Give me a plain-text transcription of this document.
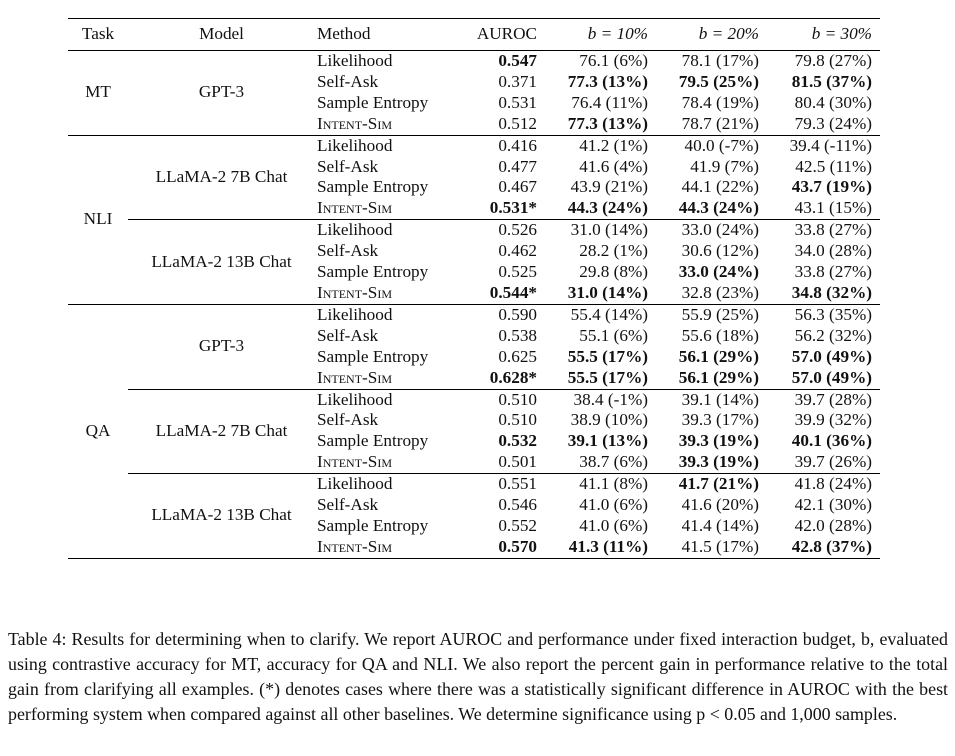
Task	Model	Method	AUROC	b = 10%	b = 20%	b = 30%
MT	GPT-3	Likelihood	0.547	76.1 (6%)	78.1 (17%)	79.8 (27%)
		Self-Ask	0.371	77.3 (13%)	79.5 (25%)	81.5 (37%)
		Sample Entropy	0.531	76.4 (11%)	78.4 (19%)	80.4 (30%)
		Intent-Sim	0.512	77.3 (13%)	78.7 (21%)	79.3 (24%)
NLI	LLaMA-2 7B Chat	Likelihood	0.416	41.2 (1%)	40.0 (-7%)	39.4 (-11%)
		Self-Ask	0.477	41.6 (4%)	41.9 (7%)	42.5 (11%)
		Sample Entropy	0.467	43.9 (21%)	44.1 (22%)	43.7 (19%)
		Intent-Sim	0.531*	44.3 (24%)	44.3 (24%)	43.1 (15%)
	LLaMA-2 13B Chat	Likelihood	0.526	31.0 (14%)	33.0 (24%)	33.8 (27%)
		Self-Ask	0.462	28.2 (1%)	30.6 (12%)	34.0 (28%)
		Sample Entropy	0.525	29.8 (8%)	33.0 (24%)	33.8 (27%)
		Intent-Sim	0.544*	31.0 (14%)	32.8 (23%)	34.8 (32%)
QA	GPT-3	Likelihood	0.590	55.4 (14%)	55.9 (25%)	56.3 (35%)
		Self-Ask	0.538	55.1 (6%)	55.6 (18%)	56.2 (32%)
		Sample Entropy	0.625	55.5 (17%)	56.1 (29%)	57.0 (49%)
		Intent-Sim	0.628*	55.5 (17%)	56.1 (29%)	57.0 (49%)
	LLaMA-2 7B Chat	Likelihood	0.510	38.4 (-1%)	39.1 (14%)	39.7 (28%)
		Self-Ask	0.510	38.9 (10%)	39.3 (17%)	39.9 (32%)
		Sample Entropy	0.532	39.1 (13%)	39.3 (19%)	40.1 (36%)
		Intent-Sim	0.501	38.7 (6%)	39.3 (19%)	39.7 (26%)
	LLaMA-2 13B Chat	Likelihood	0.551	41.1 (8%)	41.7 (21%)	41.8 (24%)
		Self-Ask	0.546	41.0 (6%)	41.6 (20%)	42.1 (30%)
		Sample Entropy	0.552	41.0 (6%)	41.4 (14%)	42.0 (28%)
		Intent-Sim	0.570	41.3 (11%)	41.5 (17%)	42.8 (37%)

Table 4: Results for determining when to clarify. We report AUROC and performance under fixed interaction budget, b, evaluated using contrastive accuracy for MT, accuracy for QA and NLI. We also report the percent gain in performance relative to the total gain from clarifying all examples. (*) denotes cases where there was a statistically significant difference in AUROC with the best performing system when compared against all other baselines. We determine significance using p < 0.05 and 1,000 samples.
